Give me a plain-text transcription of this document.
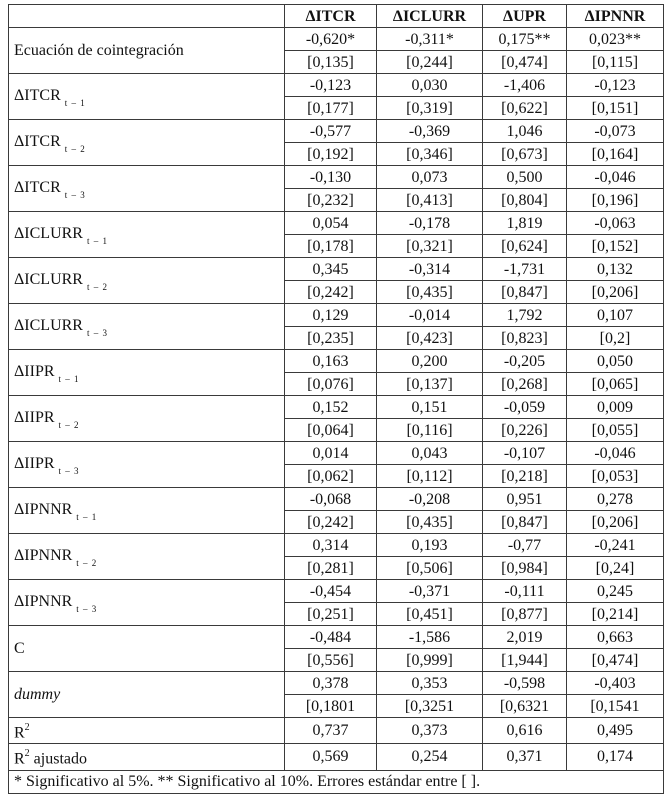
	ΔITCR	ΔICLURR	ΔUPR	ΔIPNNR
Ecuación de cointegración	-0,620*	-0,311*	0,175**	0,023**
	[0,135]	[0,244]	[0,474]	[0,115]
ΔITCR $_{t - 1}$	-0,123	0,030	-1,406	-0,123
	[0,177]	[0,319]	[0,622]	[0,151]
ΔITCR $_{t - 2}$	-0,577	-0,369	1,046	-0,073
	[0,192]	[0,346]	[0,673]	[0,164]
ΔITCR $_{t - 3}$	-0,130	0,073	0,500	-0,046
	[0,232]	[0,413]	[0,804]	[0,196]
ΔICLURR $_{t - 1}$	0,054	-0,178	1,819	-0,063
	[0,178]	[0,321]	[0,624]	[0,152]
ΔICLURR $_{t - 2}$	0,345	-0,314	-1,731	0,132
	[0,242]	[0,435]	[0,847]	[0,206]
ΔICLURR $_{t - 3}$	0,129	-0,014	1,792	0,107
	[0,235]	[0,423]	[0,823]	[0,2]
ΔIIPR $_{t - 1}$	0,163	0,200	-0,205	0,050
	[0,076]	[0,137]	[0,268]	[0,065]
ΔIIPR $_{t - 2}$	0,152	0,151	-0,059	0,009
	[0,064]	[0,116]	[0,226]	[0,055]
ΔIIPR $_{t - 3}$	0,014	0,043	-0,107	-0,046
	[0,062]	[0,112]	[0,218]	[0,053]
ΔIPNNR $_{t - 1}$	-0,068	-0,208	0,951	0,278
	[0,242]	[0,435]	[0,847]	[0,206]
ΔIPNNR $_{t - 2}$	0,314	0,193	-0,77	-0,241
	[0,281]	[0,506]	[0,984]	[0,24]
ΔIPNNR $_{t - 3}$	-0,454	-0,371	-0,111	0,245
	[0,251]	[0,451]	[0,877]	[0,214]
C	-0,484	-1,586	2,019	0,663
	[0,556]	[0,999]	[1,944]	[0,474]
dummy	0,378	0,353	-0,598	-0,403
	[0,1801	[0,3251	[0,6321	[0,1541
$R^2$	0,737	0,373	0,616	0,495
$R^2$ ajustado	0,569	0,254	0,371	0,174
* Significativo al 5%. ** Significativo al 10%. Errores estándar entre [ ].				
